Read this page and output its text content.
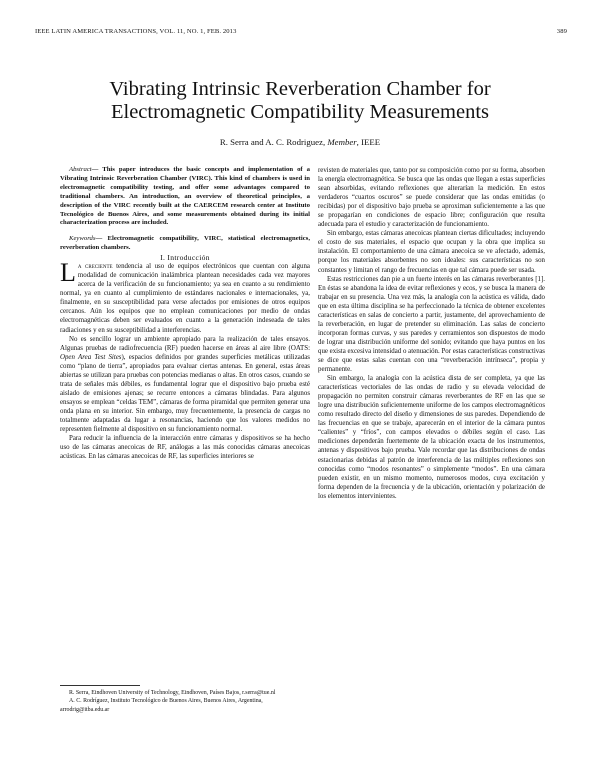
IEEE LATIN AMERICA TRANSACTIONS, VOL. 11, NO. 1, FEB. 2013	389
Vibrating Intrinsic Reverberation Chamber for
Electromagnetic Compatibility Measurements
R. Serra and A. C. Rodriguez, Member, IEEE

Abstract— This paper introduces the basic concepts and implementation of a Vibrating Intrinsic Reverberation Chamber (VIRC). This kind of chambers is used in electromagnetic compatibility testing, and offer some advantages compared to traditional chambers. An introduction, an overview of theoretical principles, a description of the VIRC recently built at the CAERCEM research center at Instituto Tecnológico de Buenos Aires, and some measurements obtained during its initial characterization process are included.

Keywords— Electromagnetic compatibility, VIRC, statistical electromagnetics, reverberation chambers.

I. Introducción

La creciente tendencia al uso de equipos electrónicos que cuentan con alguna modalidad de comunicación inalámbrica plantean necesidades cada vez mayores acerca de la verificación de su funcionamiento; ya sea en cuanto a su rendimiento normal, ya en cuanto al cumplimiento de estándares nacionales e internacionales, ya, finalmente, en su susceptibilidad para verse afectados por emisiones de otros equipos cercanos. Aún los equipos que no emplean comunicaciones por medio de ondas electromagnéticas deben ser evaluados en cuanto a la generación indeseada de tales radiaciones y en su susceptibilidad a interferencias.

No es sencillo lograr un ambiente apropiado para la realización de tales ensayos. Algunas pruebas de radiofrecuencia (RF) pueden hacerse en áreas al aire libre (OATS: Open Area Test Sites), espacios definidos por grandes superficies metálicas utilizadas como “plano de tierra”, apropiados para evaluar ciertas antenas. En general, estas áreas abiertas se utilizan para pruebas con potencias medianas o altas. En otros casos, cuando se trata de señales más débiles, es fundamental lograr que el dispositivo bajo prueba esté aislado de emisiones ajenas; se recurre entonces a cámaras blindadas. Para algunos ensayos se emplean “celdas TEM”, cámaras de forma piramidal que permiten generar una onda plana en su interior. Sin embargo, muy frecuentemente, la presencia de cargas no totalmente adaptadas da lugar a resonancias, haciendo que los valores medidos no representen fielmente al dispositivo en su funcionamiento normal.

Para reducir la influencia de la interacción entre cámaras y dispositivos se ha hecho uso de las cámaras anecoicas de RF, análogas a las más conocidas cámaras anecoicas acústicas. En las cámaras anecoicas de RF, las superficies interiores se

revisten de materiales que, tanto por su composición como por su forma, absorben la energía electromagnética. Se busca que las ondas que llegan a estas superficies sean absorbidas, evitando reflexiones que alterarían la medición. En estos verdaderos “cuartos oscuros” se puede considerar que las ondas emitidas (o recibidas) por el dispositivo bajo prueba se aproximan suficientemente a las que se propagarían en condiciones de espacio libre; configuración que resulta adecuada para el estudio y caracterización de funcionamiento.

Sin embargo, estas cámaras anecoicas plantean ciertas dificultades; incluyendo el costo de sus materiales, el espacio que ocupan y la obra que implica su instalación. El comportamiento de una cámara anecoica se ve afectado, además, porque los materiales absorbentes no son ideales: sus características no son constantes y limitan el rango de frecuencias en que tal cámara puede ser usada.

Estas restricciones dan pie a un fuerte interés en las cámaras reverberantes [1]. En éstas se abandona la idea de evitar reflexiones y ecos, y se busca la manera de trabajar en su presencia. Una vez más, la analogía con la acústica es válida, dado que en esta última disciplina se ha perfeccionado la técnica de obtener excelentes características en salas de concierto a partir, justamente, del aprovechamiento de la reverberación, en lugar de pretender su eliminación. Las salas de concierto incorporan formas curvas, y sus paredes y cerramientos son dispuestos de modo de lograr una distribución uniforme del sonido; evitando que haya puntos en los que exista excesiva intensidad o atenuación. Por estas características constructivas se dice que estas salas cuentan con una “reverberación intrínseca”, propia y permanente.

Sin embargo, la analogía con la acústica dista de ser completa, ya que las características vectoriales de las ondas de radio y su elevada velocidad de propagación no permiten construir cámaras reverberantes de RF en las que se logre una distribución suficientemente uniforme de los campos electromagnéticos como resultado directo del diseño y dimensiones de sus paredes. Dependiendo de las frecuencias en que se trabaje, aparecerán en el interior de la cámara puntos “calientes” y “fríos”, con campos elevados o débiles según el caso. Las mediciones dependerán fuertemente de la ubicación exacta de los instrumentos, antenas y dispositivos bajo prueba. Vale recordar que las distribuciones de ondas estacionarias debidas al patrón de interferencia de las múltiples reflexiones son conocidas como “modos resonantes” o simplemente “modos”. En una cámara pueden existir, en un mismo momento, numerosos modos, cuya excitación y forma dependen de la frecuencia y de la ubicación, orientación y polarización de los elementos intervinientes.

R. Serra, Eindhoven University of Technology, Eindhoven, Países Bajos, r.serra@tue.nl

A. C. Rodríguez, Instituto Tecnológico de Buenos Aires, Buenos Aires, Argentina, arrodrig@itba.edu.ar
